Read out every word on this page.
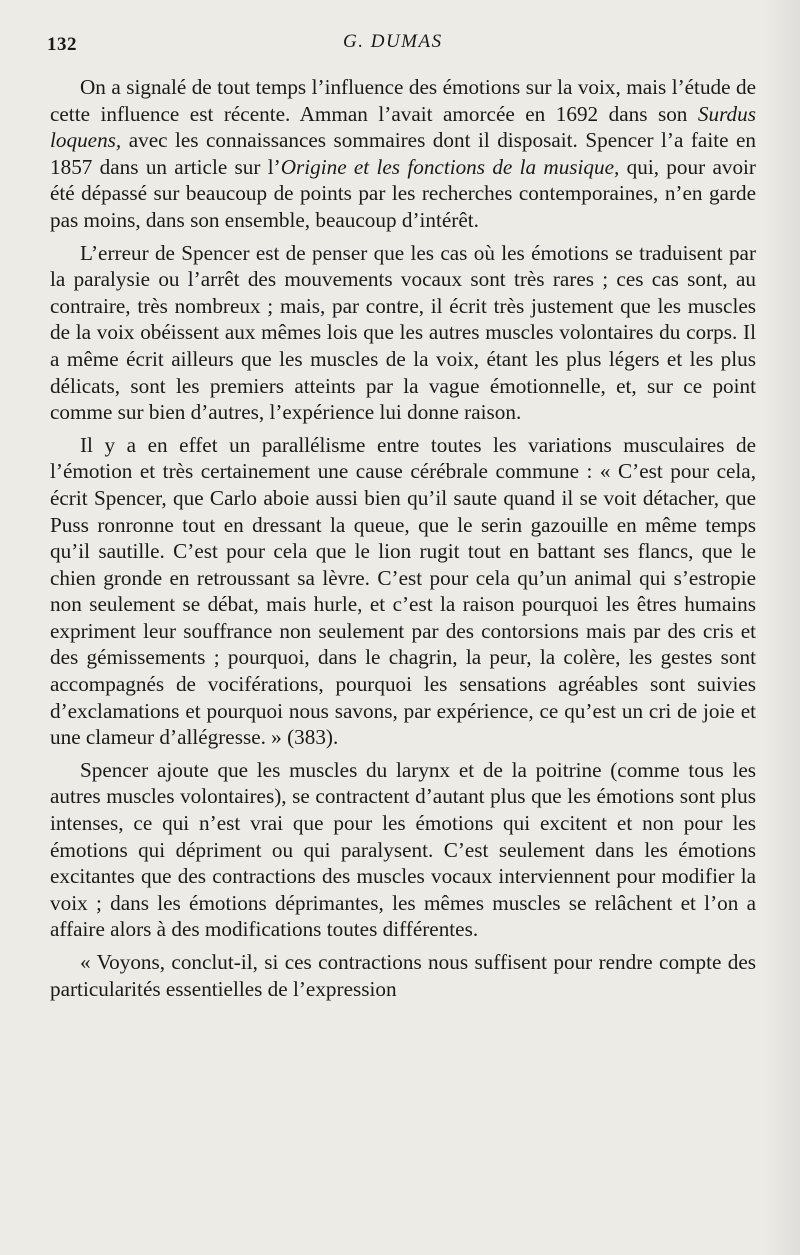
132	G. DUMAS

On a signalé de tout temps l’influence des émotions sur la voix, mais l’étude de cette influence est récente. Amman l’avait amorcée en 1692 dans son Surdus loquens, avec les connaissances sommaires dont il disposait. Spencer l’a faite en 1857 dans un article sur l’Origine et les fonctions de la musique, qui, pour avoir été dépassé sur beaucoup de points par les recherches contemporaines, n’en garde pas moins, dans son ensemble, beaucoup d’intérêt.

L’erreur de Spencer est de penser que les cas où les émotions se traduisent par la paralysie ou l’arrêt des mouvements vocaux sont très rares ; ces cas sont, au contraire, très nombreux ; mais, par contre, il écrit très justement que les muscles de la voix obéissent aux mêmes lois que les autres muscles volontaires du corps. Il a même écrit ailleurs que les muscles de la voix, étant les plus légers et les plus délicats, sont les premiers atteints par la vague émotionnelle, et, sur ce point comme sur bien d’autres, l’expérience lui donne raison.

Il y a en effet un parallélisme entre toutes les variations musculaires de l’émotion et très certainement une cause cérébrale commune : « C’est pour cela, écrit Spencer, que Carlo aboie aussi bien qu’il saute quand il se voit détacher, que Puss ronronne tout en dressant la queue, que le serin gazouille en même temps qu’il sautille. C’est pour cela que le lion rugit tout en battant ses flancs, que le chien gronde en retroussant sa lèvre. C’est pour cela qu’un animal qui s’estropie non seulement se débat, mais hurle, et c’est la raison pourquoi les êtres humains expriment leur souffrance non seulement par des contorsions mais par des cris et des gémissements ; pourquoi, dans le chagrin, la peur, la colère, les gestes sont accompagnés de vociférations, pourquoi les sensations agréables sont suivies d’exclamations et pourquoi nous savons, par expérience, ce qu’est un cri de joie et une clameur d’allégresse. » (383).

Spencer ajoute que les muscles du larynx et de la poitrine (comme tous les autres muscles volontaires), se contractent d’autant plus que les émotions sont plus intenses, ce qui n’est vrai que pour les émotions qui excitent et non pour les émotions qui dépriment ou qui paralysent. C’est seulement dans les émotions excitantes que des contractions des muscles vocaux interviennent pour modifier la voix ; dans les émotions déprimantes, les mêmes muscles se relâchent et l’on a affaire alors à des modifications toutes différentes.

« Voyons, conclut-il, si ces contractions nous suffisent pour rendre compte des particularités essentielles de l’expression
